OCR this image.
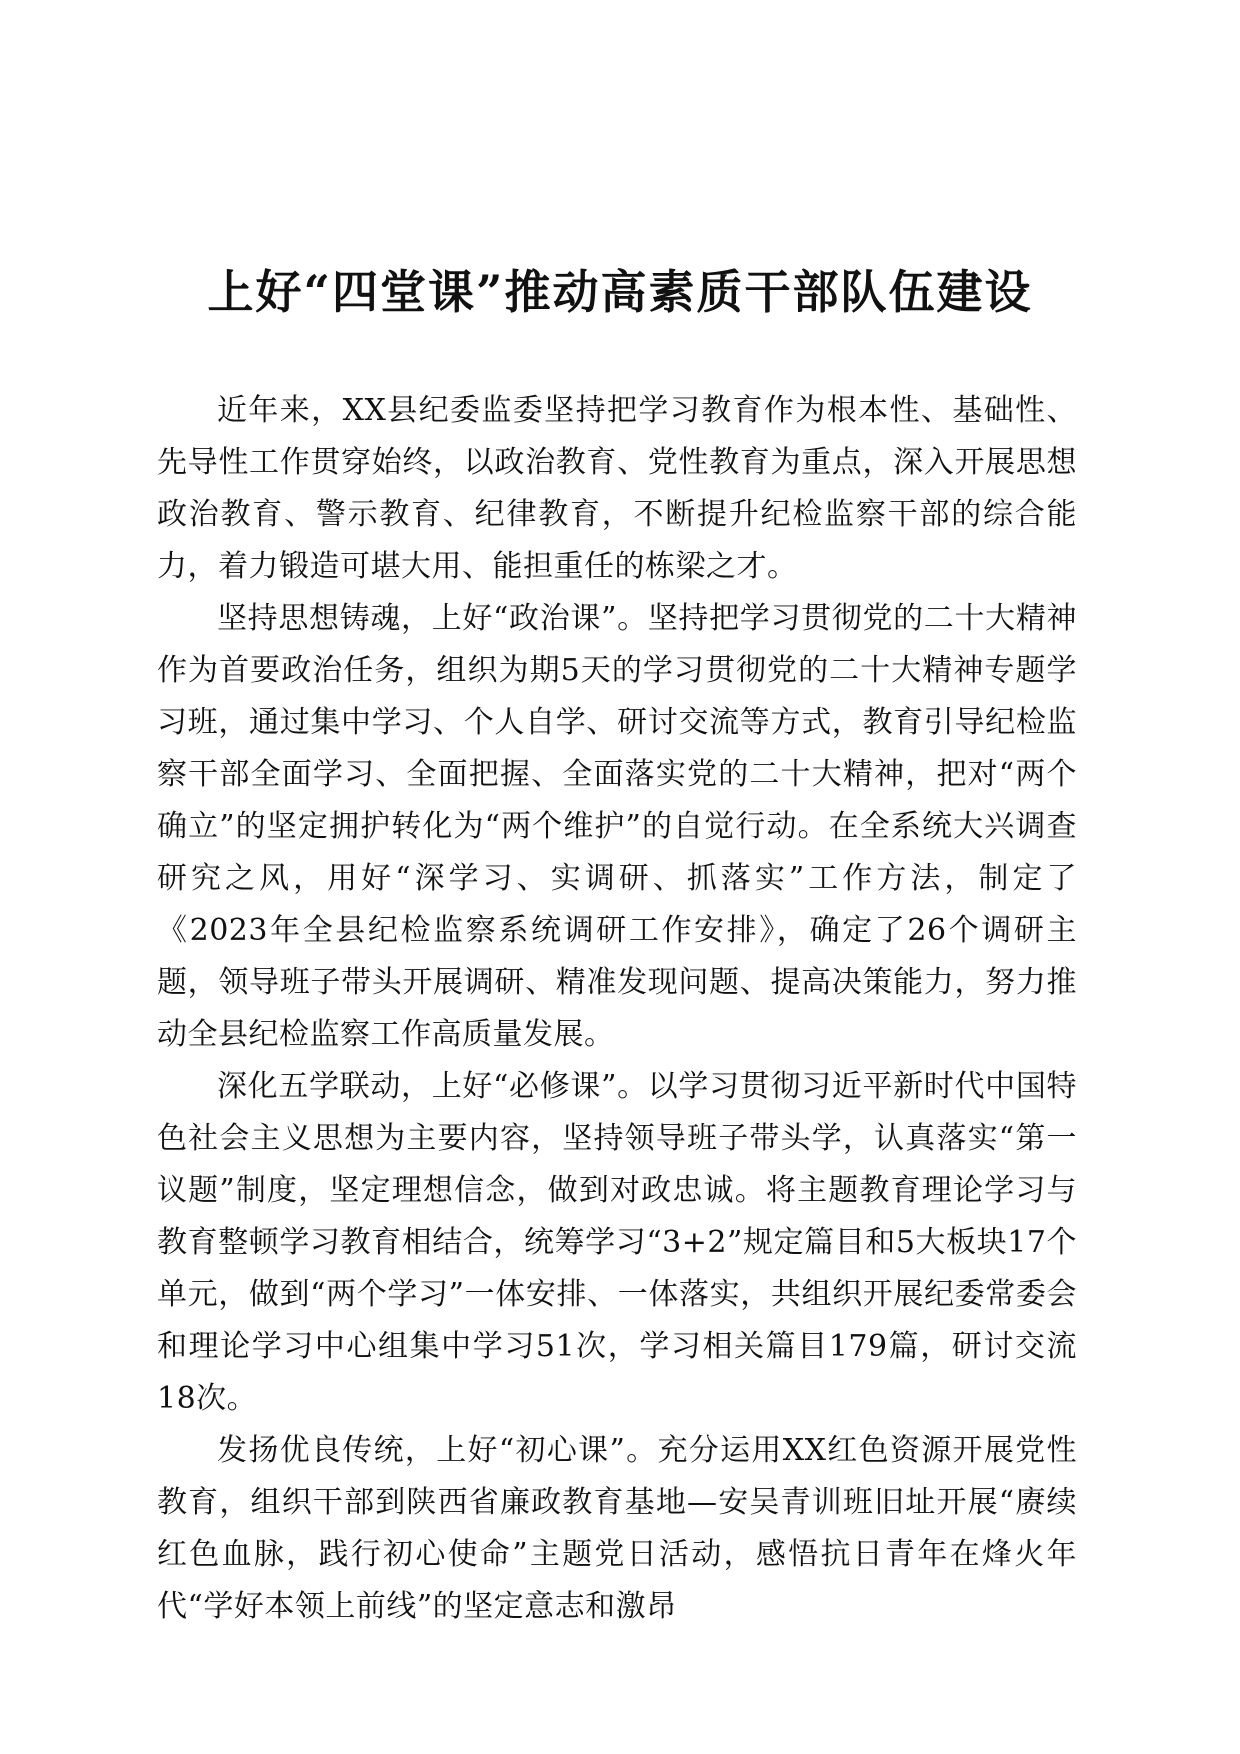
上好“四堂课”推动高素质干部队伍建设

近年来，XX县纪委监委坚持把学习教育作为根本性、基础性、先导性工作贯穿始终，以政治教育、党性教育为重点，深入开展思想政治教育、警示教育、纪律教育，不断提升纪检监察干部的综合能力，着力锻造可堪大用、能担重任的栋梁之才。

坚持思想铸魂，上好“政治课”。坚持把学习贯彻党的二十大精神作为首要政治任务，组织为期5天的学习贯彻党的二十大精神专题学习班，通过集中学习、个人自学、研讨交流等方式，教育引导纪检监察干部全面学习、全面把握、全面落实党的二十大精神，把对“两个确立”的坚定拥护转化为“两个维护”的自觉行动。在全系统大兴调查研究之风，用好“深学习、实调研、抓落实”工作方法，制定了《2023年全县纪检监察系统调研工作安排》，确定了26个调研主题，领导班子带头开展调研、精准发现问题、提高决策能力，努力推动全县纪检监察工作高质量发展。

深化五学联动，上好“必修课”。以学习贯彻习近平新时代中国特色社会主义思想为主要内容，坚持领导班子带头学，认真落实“第一议题”制度，坚定理想信念，做到对政忠诚。将主题教育理论学习与教育整顿学习教育相结合，统筹学习“3+2”规定篇目和5大板块17个单元，做到“两个学习”一体安排、一体落实，共组织开展纪委常委会和理论学习中心组集中学习51次，学习相关篇目179篇，研讨交流18次。

发扬优良传统，上好“初心课”。充分运用XX红色资源开展党性教育，组织干部到陕西省廉政教育基地—安吴青训班旧址开展“赓续红色血脉，践行初心使命”主题党日活动，感悟抗日青年在烽火年代“学好本领上前线”的坚定意志和激昂
